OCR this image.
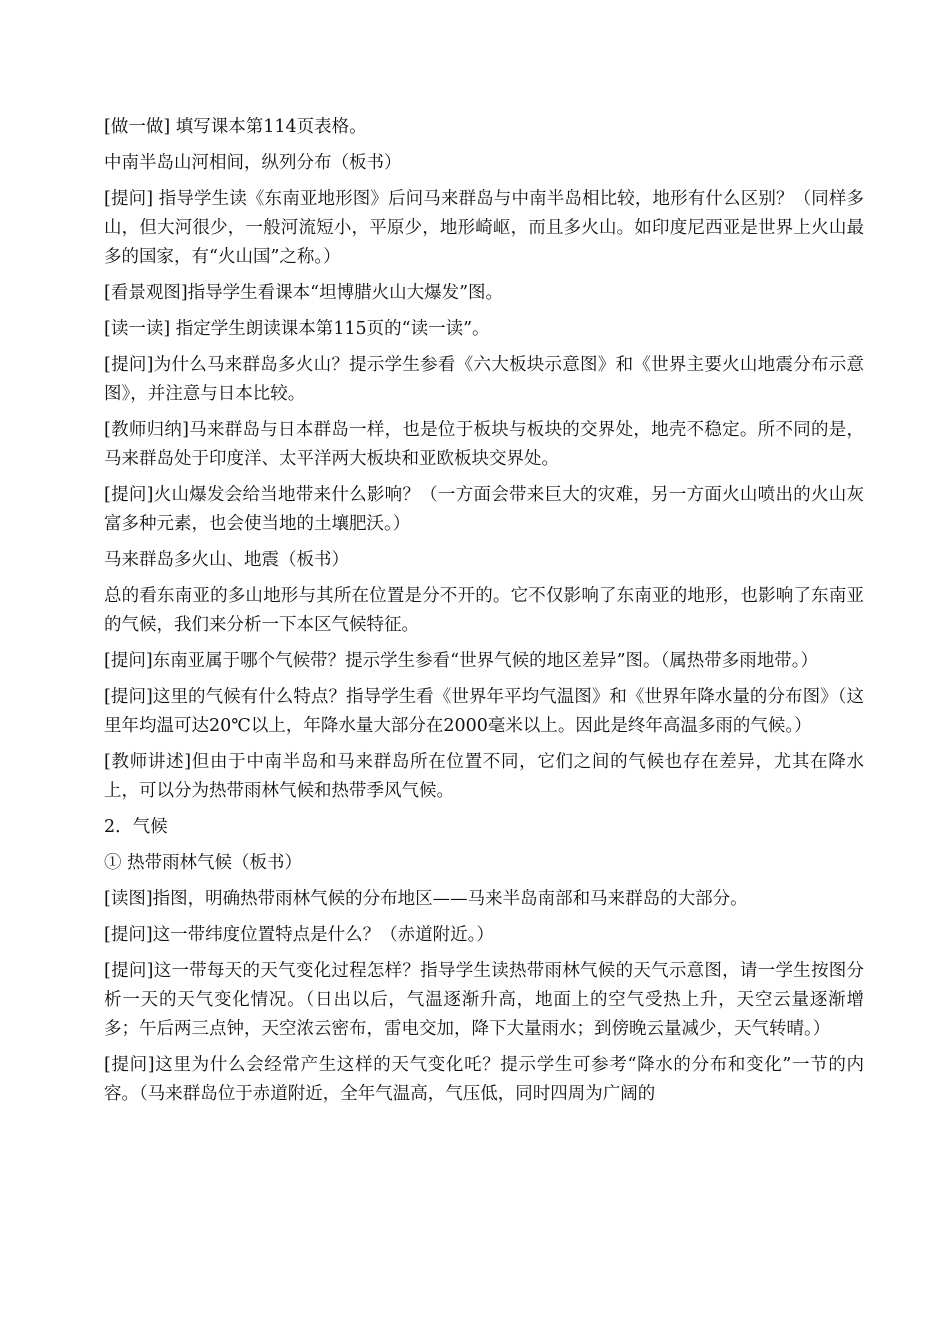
[做一做] 填写课本第114页表格。

中南半岛山河相间，纵列分布（板书）

[提问] 指导学生读《东南亚地形图》后问马来群岛与中南半岛相比较，地形有什么区别？（同样多山，但大河很少，一般河流短小，平原少，地形崎岖，而且多火山。如印度尼西亚是世界上火山最多的国家，有“火山国”之称。）

[看景观图]指导学生看课本“坦博腊火山大爆发”图。

[读一读] 指定学生朗读课本第115页的“读一读”。

[提问]为什么马来群岛多火山？提示学生参看《六大板块示意图》和《世界主要火山地震分布示意图》，并注意与日本比较。

[教师归纳]马来群岛与日本群岛一样，也是位于板块与板块的交界处，地壳不稳定。所不同的是，马来群岛处于印度洋、太平洋两大板块和亚欧板块交界处。

[提问]火山爆发会给当地带来什么影响？（一方面会带来巨大的灾难，另一方面火山喷出的火山灰富多种元素，也会使当地的土壤肥沃。）

马来群岛多火山、地震（板书）

总的看东南亚的多山地形与其所在位置是分不开的。它不仅影响了东南亚的地形，也影响了东南亚的气候，我们来分析一下本区气候特征。

[提问]东南亚属于哪个气候带？提示学生参看“世界气候的地区差异”图。（属热带多雨地带。）

[提问]这里的气候有什么特点？指导学生看《世界年平均气温图》和《世界年降水量的分布图》（这里年均温可达20℃以上，年降水量大部分在2000毫米以上。因此是终年高温多雨的气候。）

[教师讲述]但由于中南半岛和马来群岛所在位置不同，它们之间的气候也存在差异，尤其在降水上，可以分为热带雨林气候和热带季风气候。

2．气候

① 热带雨林气候（板书）

[读图]指图，明确热带雨林气候的分布地区——马来半岛南部和马来群岛的大部分。

[提问]这一带纬度位置特点是什么？（赤道附近。）

[提问]这一带每天的天气变化过程怎样？指导学生读热带雨林气候的天气示意图，请一学生按图分析一天的天气变化情况。（日出以后，气温逐渐升高，地面上的空气受热上升，天空云量逐渐增多；午后两三点钟，天空浓云密布，雷电交加，降下大量雨水；到傍晚云量减少，天气转晴。）

[提问]这里为什么会经常产生这样的天气变化吒？提示学生可参考“降水的分布和变化”一节的内容。（马来群岛位于赤道附近，全年气温高，气压低，同时四周为广阔的
